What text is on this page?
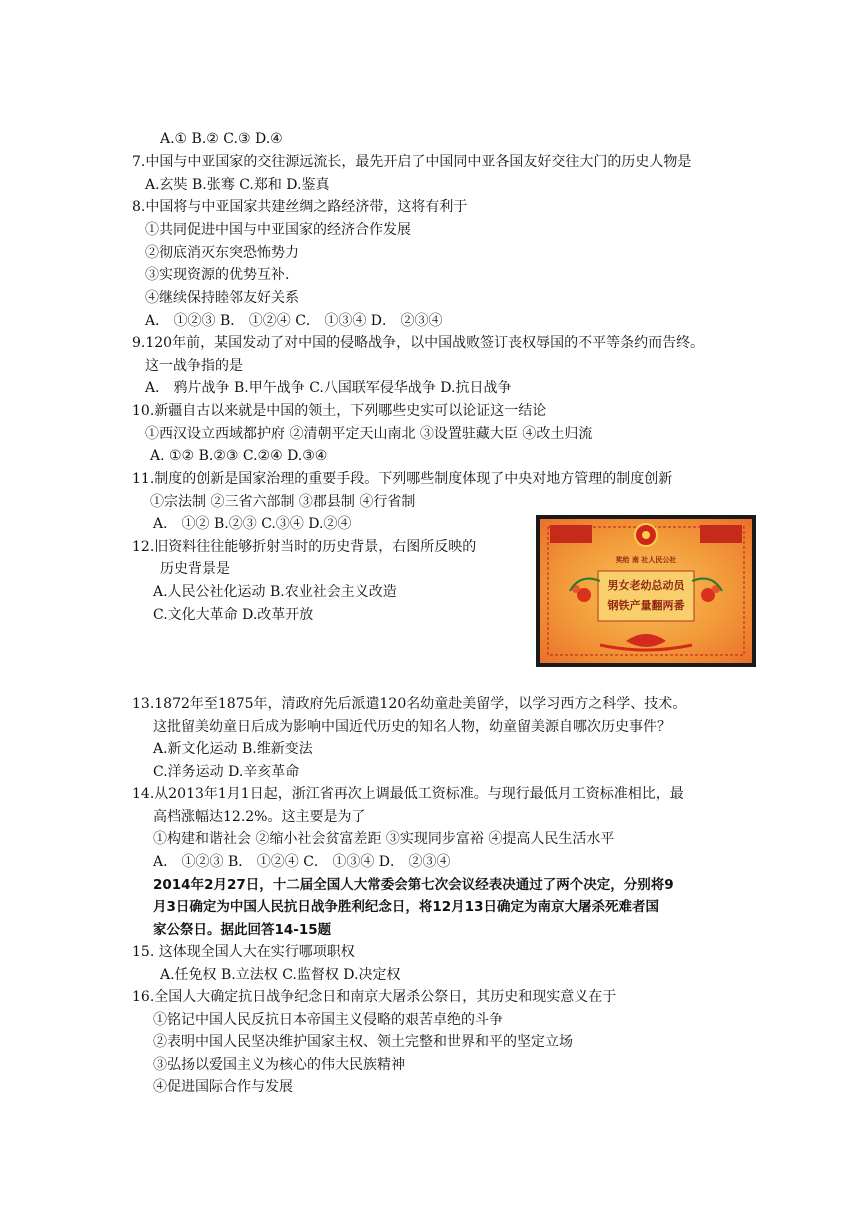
A.① B.② C.③ D.④
7.中国与中亚国家的交往源远流长，最先开启了中国同中亚各国友好交往大门的历史人物是
A.玄奘 B.张骞 C.郑和 D.鉴真
8.中国将与中亚国家共建丝绸之路经济带，这将有利于
①共同促进中国与中亚国家的经济合作发展
②彻底消灭东突恐怖势力
③实现资源的优势互补.
④继续保持睦邻友好关系
A． ①②③ B． ①②④ C． ①③④ D． ②③④
9.120年前，某国发动了对中国的侵略战争，以中国战败签订丧权辱国的不平等条约而告终。
这一战争指的是
A． 鸦片战争 B.甲午战争 C.八国联军侵华战争 D.抗日战争
10.新疆自古以来就是中国的领土，下列哪些史实可以论证这一结论
①西汉设立西域都护府 ②清朝平定天山南北 ③设置驻藏大臣 ④改土归流
A. ①② B.②③ C.②④ D.③④
11.制度的创新是国家治理的重要手段。下列哪些制度体现了中央对地方管理的制度创新
①宗法制 ②三省六部制 ③郡县制 ④行省制
A． ①② B.②③ C.③④ D.②④
12.旧资料往往能够折射当时的历史背景，右图所反映的
历史背景是
A.人民公社化运动 B.农业社会主义改造
C.文化大革命 D.改革开放
奖给 南 社人民公社
男女老幼总动员
钢铁产量翻两番
13.1872年至1875年，清政府先后派遣120名幼童赴美留学，以学习西方之科学、技术。
这批留美幼童日后成为影响中国近代历史的知名人物，幼童留美源自哪次历史事件？
A.新文化运动 B.维新变法
C.洋务运动 D.辛亥革命
14.从2013年1月1日起，浙江省再次上调最低工资标准。与现行最低月工资标准相比，最
高档涨幅达12.2%。这主要是为了
①构建和谐社会 ②缩小社会贫富差距 ③实现同步富裕 ④提高人民生活水平
A． ①②③ B． ①②④ C． ①③④ D． ②③④
2014年2月27日，十二届全国人大常委会第七次会议经表决通过了两个决定，分别将9
月3日确定为中国人民抗日战争胜利纪念日，将12月13日确定为南京大屠杀死难者国
家公祭日。据此回答14-15题
15. 这体现全国人大在实行哪项职权
A.任免权 B.立法权 C.监督权 D.决定权
16.全国人大确定抗日战争纪念日和南京大屠杀公祭日，其历史和现实意义在于
①铭记中国人民反抗日本帝国主义侵略的艰苦卓绝的斗争
②表明中国人民坚决维护国家主权、领土完整和世界和平的坚定立场
③弘扬以爱国主义为核心的伟大民族精神
④促进国际合作与发展
